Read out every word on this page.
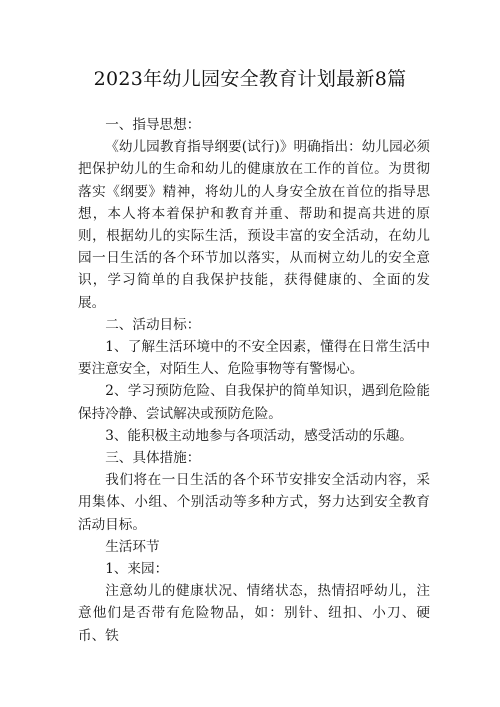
2023年幼儿园安全教育计划最新8篇

一、指导思想：

《幼儿园教育指导纲要(试行)》明确指出：幼儿园必须把保护幼儿的生命和幼儿的健康放在工作的首位。为贯彻落实《纲要》精神，将幼儿的人身安全放在首位的指导思想，本人将本着保护和教育并重、帮助和提高共进的原则，根据幼儿的实际生活，预设丰富的安全活动，在幼儿园一日生活的各个环节加以落实，从而树立幼儿的安全意识，学习简单的自我保护技能，获得健康的、全面的发展。

二、活动目标：

1、了解生活环境中的不安全因素，懂得在日常生活中要注意安全，对陌生人、危险事物等有警惕心。

2、学习预防危险、自我保护的简单知识，遇到危险能保持冷静、尝试解决或预防危险。

3、能积极主动地参与各项活动，感受活动的乐趣。

三、具体措施：

我们将在一日生活的各个环节安排安全活动内容，采用集体、小组、个别活动等多种方式，努力达到安全教育活动目标。

生活环节

1、来园：

注意幼儿的健康状况、情绪状态，热情招呼幼儿，注意他们是否带有危险物品，如：别针、纽扣、小刀、硬币、铁
